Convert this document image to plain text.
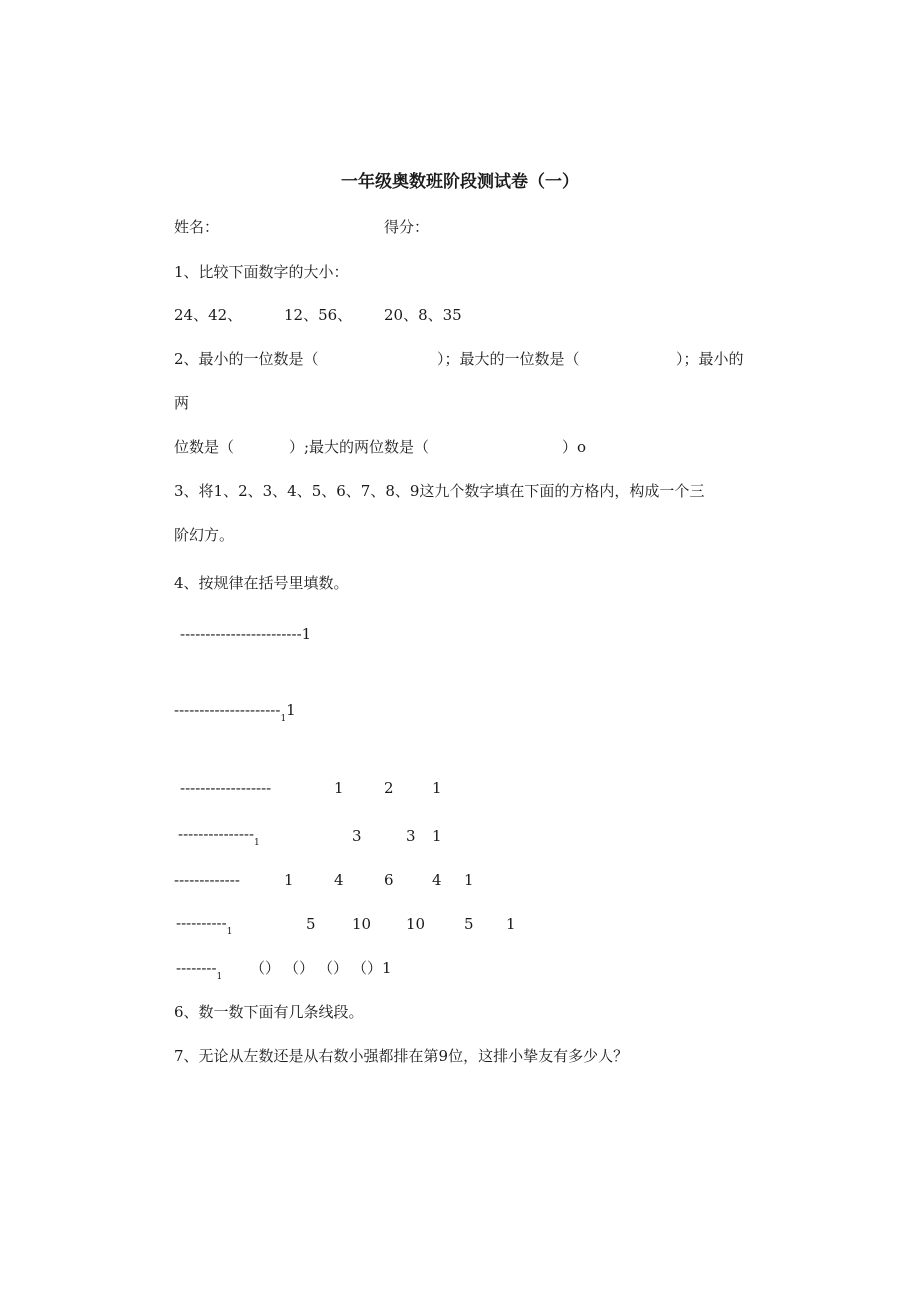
一年级奥数班阶段测试卷（一）
姓名：	得分：
1、比较下面数字的大小：
24、42、	12、56、 20、8、35
2、最小的一位数是（	）；最大的一位数是（	）；最小的
两
位数是（	）;最大的两位数是（	）o
3、将1、2、3、4、5、6、7、8、9这九个数字填在下面的方格内，构成一个三
阶幻方。
4、按规律在括号里填数。
------------------------1
$---------------------_11$
------------------	1	2	1
$---------------_1$	3	3 1
-------------	1	4	6	4 1
$----------_1$	5 10 10	5 1
$--------_1$ （） （） （） （）1
6、数一数下面有几条线段。
7、无论从左数还是从右数小强都排在第9位，这排小挚友有多少人？
